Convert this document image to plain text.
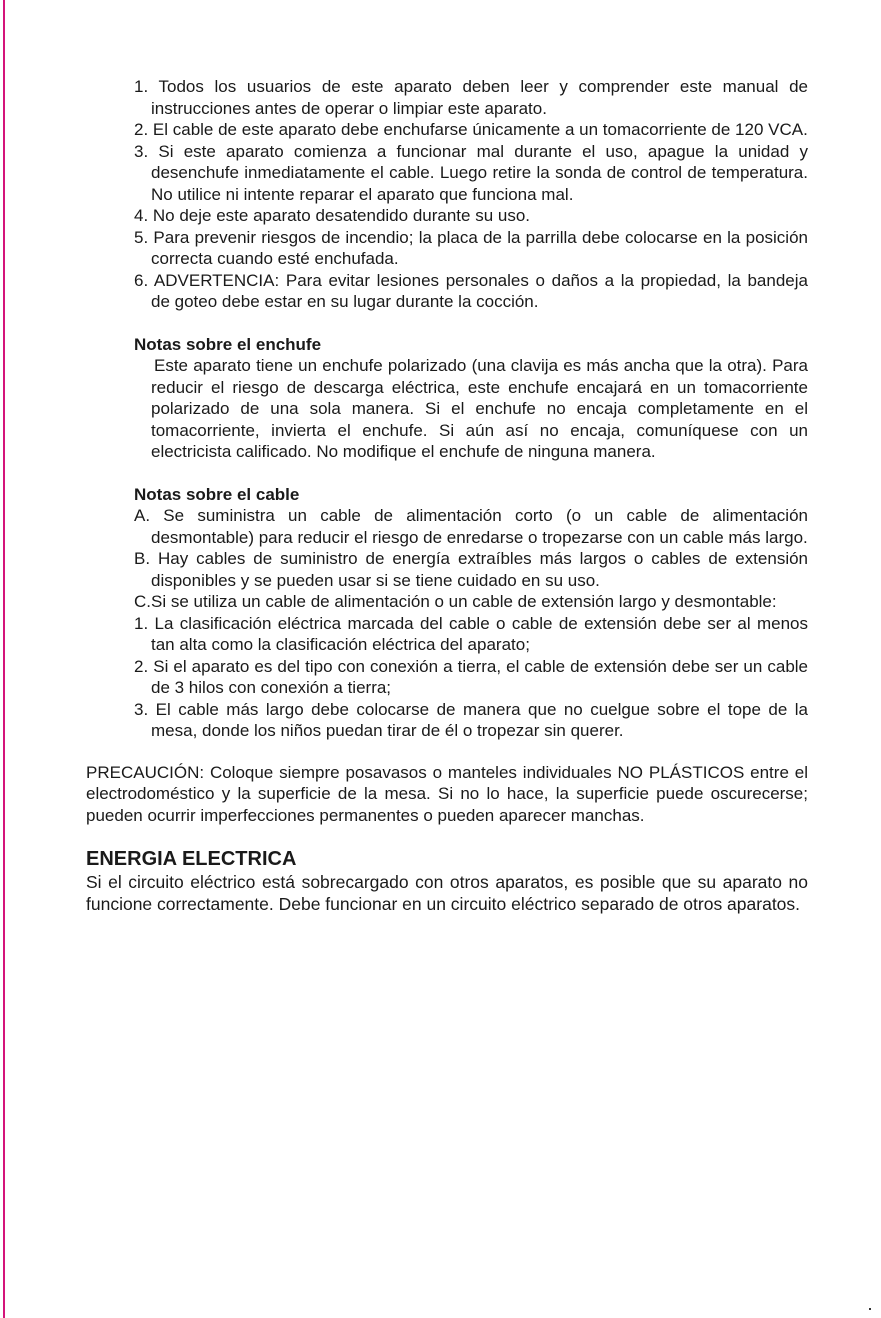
1. Todos los usuarios de este aparato deben leer y comprender este manual de instrucciones antes de operar o limpiar este aparato.
2. El cable de este aparato debe enchufarse únicamente a un tomacorriente de 120 VCA.
3. Si este aparato comienza a funcionar mal durante el uso, apague la unidad y desenchufe inmediatamente el cable. Luego retire la sonda de control de temperatura. No utilice ni intente reparar el aparato que funciona mal.
4. No deje este aparato desatendido durante su uso.
5. Para prevenir riesgos de incendio; la placa de la parrilla debe colocarse en la posición correcta cuando esté enchufada.
6. ADVERTENCIA: Para evitar lesiones personales o daños a la propiedad, la bandeja de goteo debe estar en su lugar durante la cocción.
Notas sobre el enchufe
Este aparato tiene un enchufe polarizado (una clavija es más ancha que la otra). Para reducir el riesgo de descarga eléctrica, este enchufe encajará en un tomacorriente polarizado de una sola manera. Si el enchufe no encaja completamente en el tomacorriente, invierta el enchufe. Si aún así no encaja, comuníquese con un electricista calificado. No modifique el enchufe de ninguna manera.
Notas sobre el cable
A. Se suministra un cable de alimentación corto (o un cable de alimentación desmontable) para reducir el riesgo de enredarse o tropezarse con un cable más largo.
B. Hay cables de suministro de energía extraíbles más largos o cables de extensión disponibles y se pueden usar si se tiene cuidado en su uso.
C.Si se utiliza un cable de alimentación o un cable de extensión largo y desmontable:
1. La clasificación eléctrica marcada del cable o cable de extensión debe ser al menos tan alta como la clasificación eléctrica del aparato;
2. Si el aparato es del tipo con conexión a tierra, el cable de extensión debe ser un cable de 3 hilos con conexión a tierra;
3. El cable más largo debe colocarse de manera que no cuelgue sobre el tope de la mesa, donde los niños puedan tirar de él o tropezar sin querer.
PRECAUCIÓN: Coloque siempre posavasos o manteles individuales NO PLÁSTICOS entre el electrodoméstico y la superficie de la mesa. Si no lo hace, la superficie puede oscurecerse; pueden ocurrir imperfecciones permanentes o pueden aparecer manchas.
ENERGIA ELECTRICA
Si el circuito eléctrico está sobrecargado con otros aparatos, es posible que su aparato no funcione correctamente. Debe funcionar en un circuito eléctrico separado de otros aparatos.
